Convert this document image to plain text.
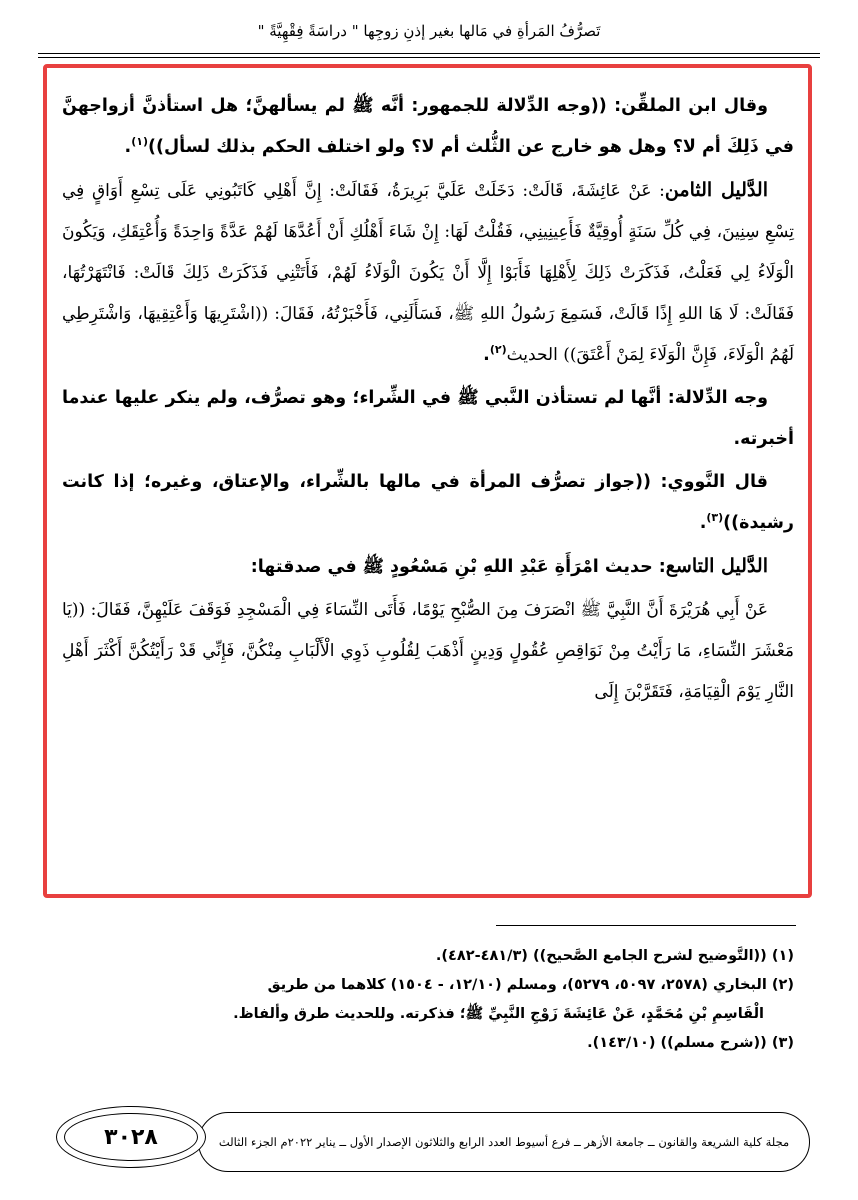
تَصرُّفُ المَرأةِ في مَالها بغير إذنِ زوجِها " دراسَةً فِقْهِيَّةً "

وقال ابن الملقِّن: ((وجه الدِّلالة للجمهور: أنَّه ﷺ لم يسألهنَّ؛ هل استأذنَّ أزواجهنَّ في ذَلِكَ أم لا؟ وهل هو خارج عن الثُّلث أم لا؟ ولو اختلف الحكم بذلك لسأل))$^{(١)}$.

الدَّليل الثامن: عَنْ عَائِشَةَ، قَالَتْ: دَخَلَتْ عَلَيَّ بَرِيرَةُ، فَقَالَتْ: إِنَّ أَهْلِي كَاتَبُونِي عَلَى تِسْعِ أَوَاقٍ فِي تِسْعِ سِنِينَ، فِي كُلِّ سَنَةٍ أُوقِيَّةٌ فَأَعِينِينِي، فَقُلْتُ لَهَا: إِنْ شَاءَ أَهْلُكِ أَنْ أَعُدَّهَا لَهُمْ عَدَّةً وَاحِدَةً وَأُعْتِقَكِ، وَيَكُونَ الْوَلَاءُ لِي فَعَلْتُ، فَذَكَرَتْ ذَلِكَ لِأَهْلِهَا فَأَبَوْا إِلَّا أَنْ يَكُونَ الْوَلَاءُ لَهُمْ، فَأَتَتْنِي فَذَكَرَتْ ذَلِكَ قَالَتْ: فَانْتَهَرْتُهَا، فَقَالَتْ: لَا هَا اللهِ إِذًا قَالَتْ، فَسَمِعَ رَسُولُ اللهِ ﷺ، فَسَأَلَنِي، فَأَخْبَرْتُهُ، فَقَالَ: ((اشْتَرِيهَا وَأَعْتِقِيهَا، وَاشْتَرِطِي لَهُمُ الْوَلَاءَ، فَإِنَّ الْوَلَاءَ لِمَنْ أَعْتَقَ)) الحديث$^{(٢)}$.

وجه الدِّلالة: أنَّها لم تستأذن النَّبي ﷺ في الشِّراء؛ وهو تصرُّف، ولم ينكر عليها عندما أخبرته.

قال النَّووي: ((جواز تصرُّف المرأة في مالها بالشِّراء، والإعتاق، وغيره؛ إذا كانت رشيدة))$^{(٣)}$.

الدَّليل التاسع: حديث امْرَأَةِ عَبْدِ اللهِ بْنِ مَسْعُودٍ ﷺ في صدقتها:

عَنْ أَبِي هُرَيْرَةَ أَنَّ النَّبِيَّ ﷺ انْصَرَفَ مِنَ الصُّبْحِ يَوْمًا، فَأَتَى النِّسَاءَ فِي الْمَسْجِدِ فَوَقَفَ عَلَيْهِنَّ، فَقَالَ: ((يَا مَعْشَرَ النِّسَاءِ، مَا رَأَيْتُ مِنْ نَوَاقِصِ عُقُولٍ وَدِينٍ أَذْهَبَ لِقُلُوبِ ذَوِي الْأَلْبَابِ مِنْكُنَّ، فَإِنِّي قَدْ رَأَيْتُكُنَّ أَكْثَرَ أَهْلِ النَّارِ يَوْمَ الْقِيَامَةِ، فَتَقَرَّبْنَ إِلَى

(١) ((التَّوضيح لشرح الجامع الصَّحيح)) (٤٨١/٣-٤٨٢).

(٢) البخاري (٢٥٧٨، ٥٠٩٧، ٥٢٧٩)، ومسلم (١٢/١٠، - ١٥٠٤) كلاهما من طريق

الْقَاسِمِ بْنِ مُحَمَّدٍ، عَنْ عَائِشَةَ زَوْجِ النَّبِيِّ ﷺ؛ فذكرته. وللحديث طرق وألفاظ.

(٣) ((شرح مسلم)) (١٤٣/١٠).

مجلة كلية الشريعة والقانون ــ جامعة الأزهر ــ فرع أسيوط العدد الرابع والثلاثون الإصدار الأول ــ يناير ٢٠٢٢م الجزء الثالث
٣٠٢٨
